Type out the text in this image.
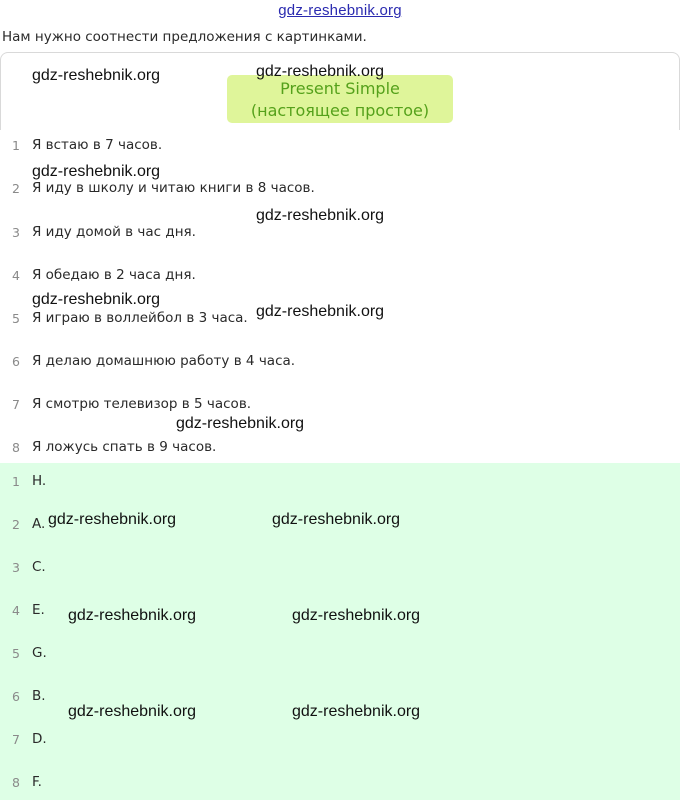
gdz-reshebnik.org
Нам нужно соотнести предложения с картинками.
Present Simple
(настоящее простое)
1 Я встаю в 7 часов.
2 Я иду в школу и читаю книги в 8 часов.
3 Я иду домой в час дня.
4 Я обедаю в 2 часа дня.
5 Я играю в воллейбол в 3 часа.
6 Я делаю домашнюю работу в 4 часа.
7 Я смотрю телевизор в 5 часов.
8 Я ложусь спать в 9 часов.
1 H.
2 A.
3 C.
4 E.
5 G.
6 B.
7 D.
8 F.
gdz-reshebnik.org	gdz-reshebnik.org
gdz-reshebnik.org
gdz-reshebnik.org
gdz-reshebnik.org
gdz-reshebnik.org
gdz-reshebnik.org
gdz-reshebnik.org	gdz-reshebnik.org
gdz-reshebnik.org	gdz-reshebnik.org
gdz-reshebnik.org	gdz-reshebnik.org
